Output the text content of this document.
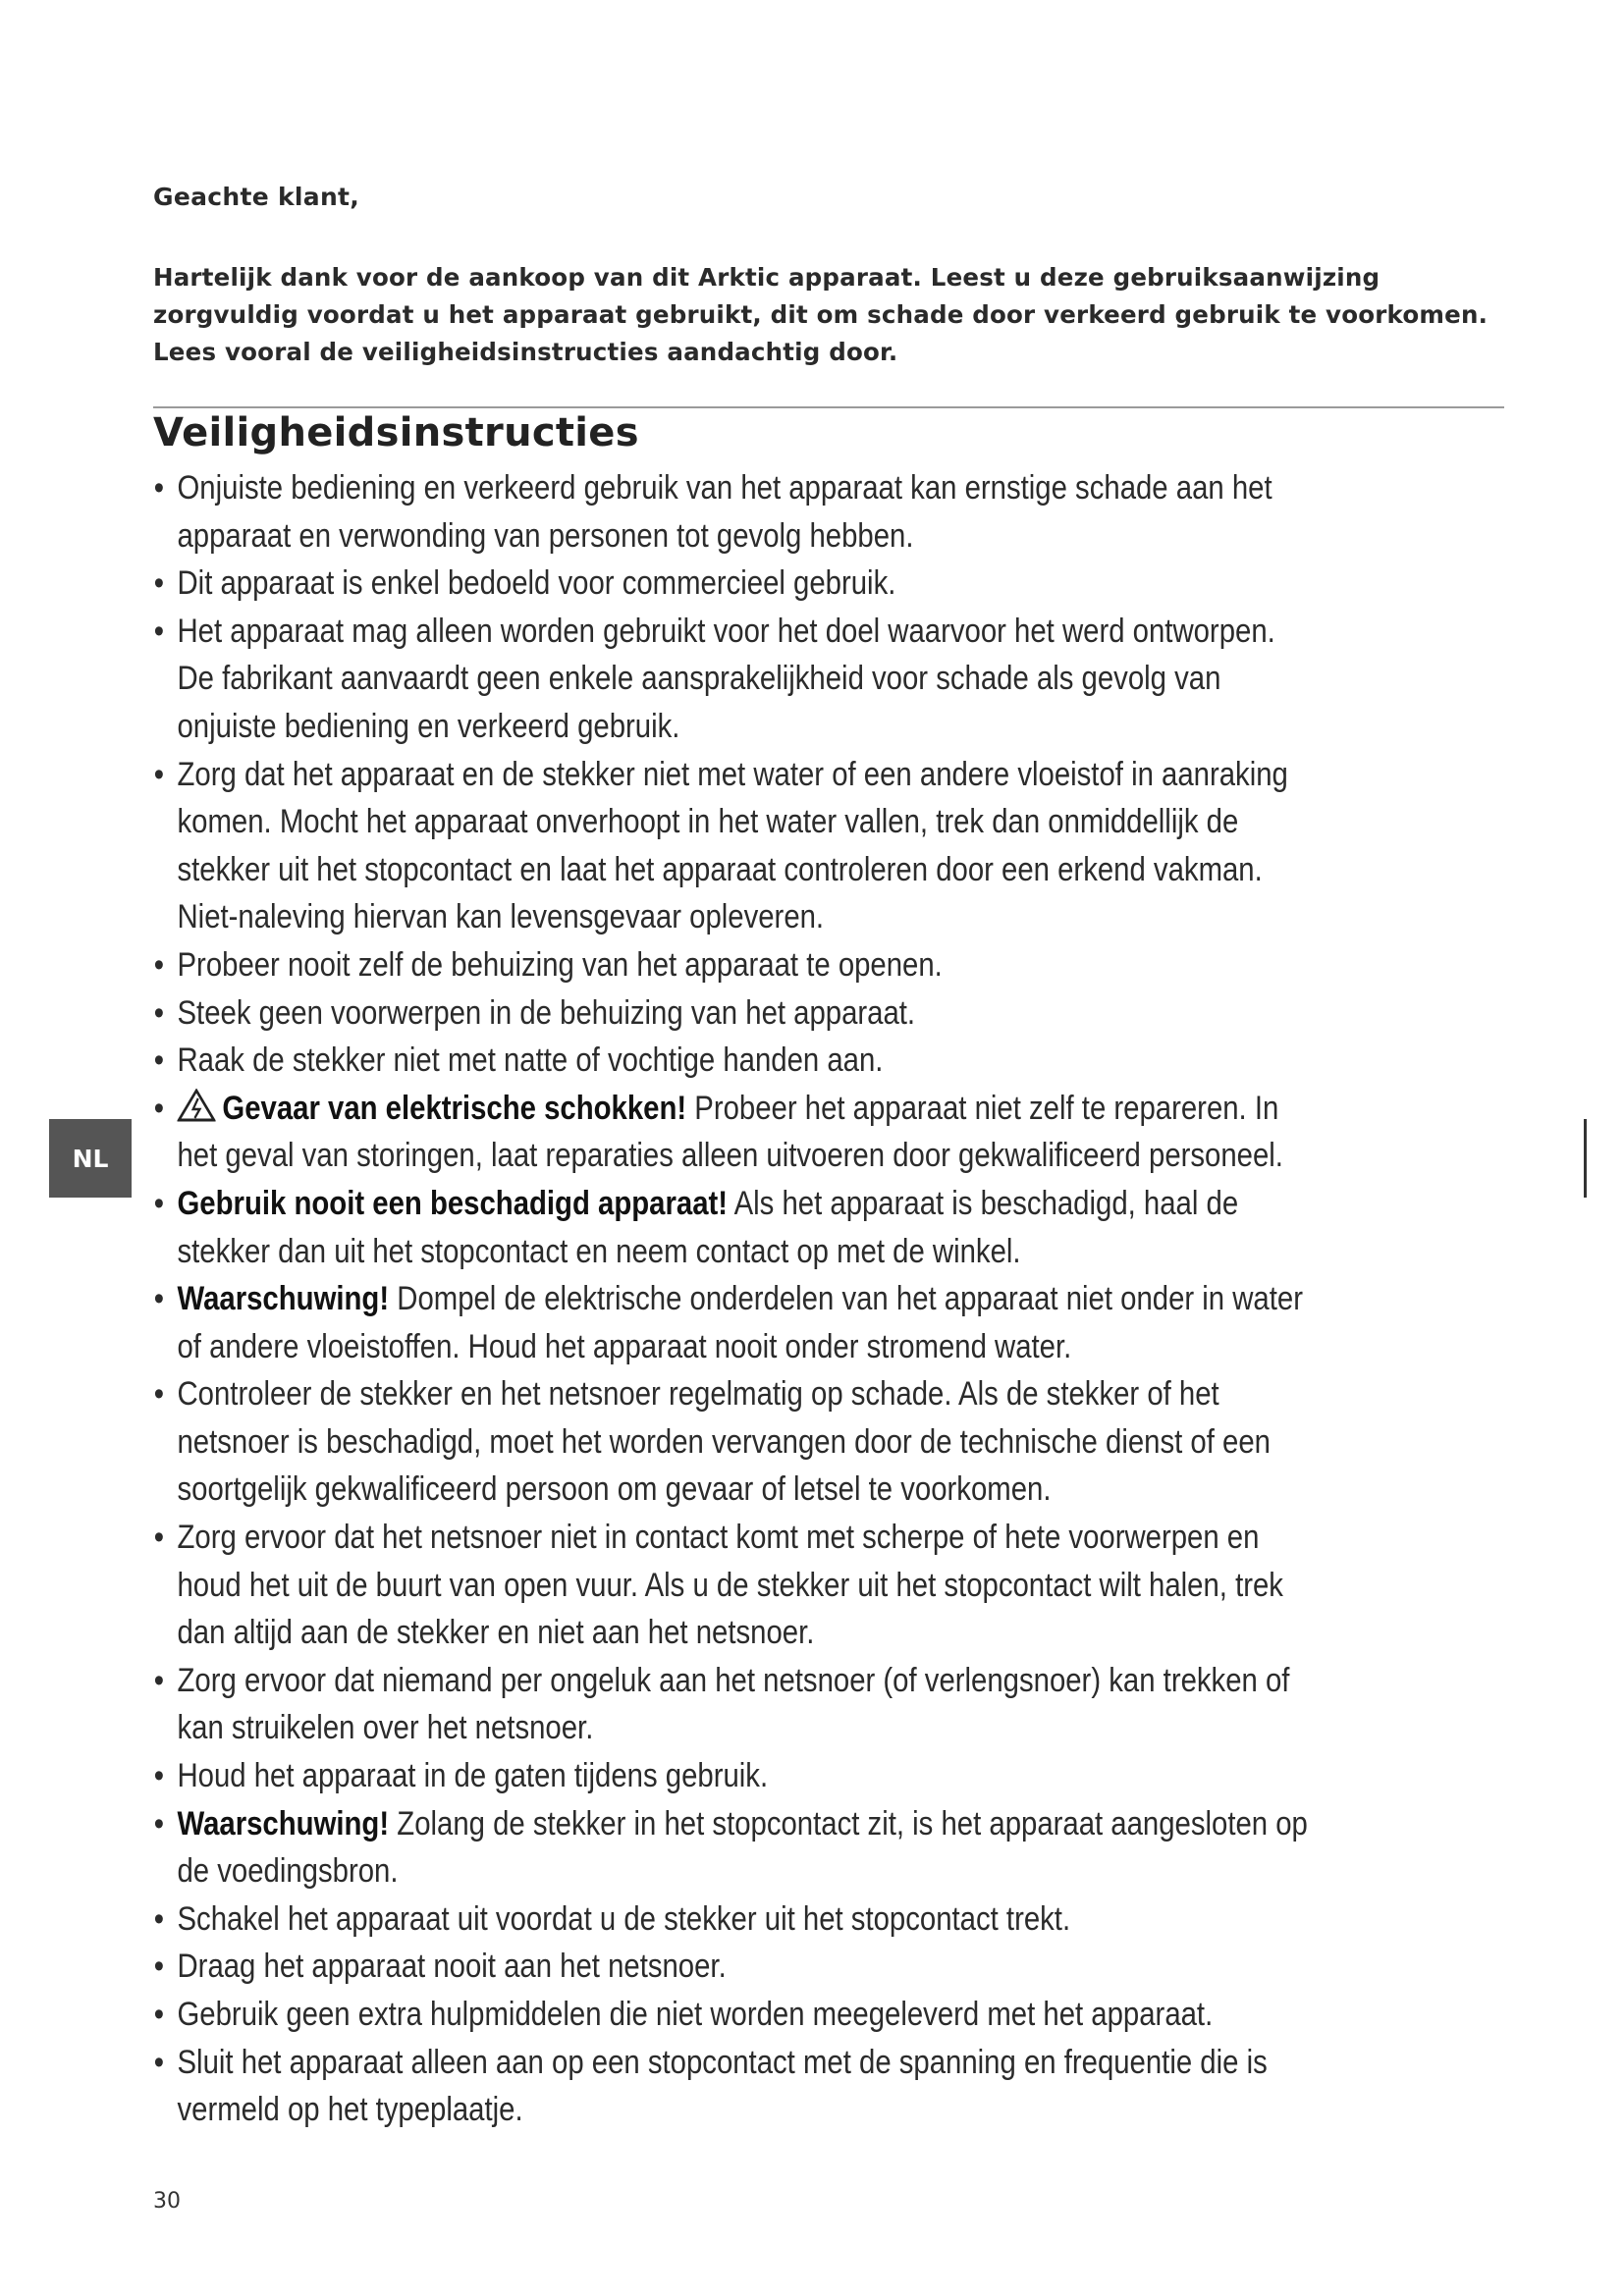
Geachte klant,
Hartelijk dank voor de aankoop van dit Arktic apparaat. Leest u deze gebruiksaanwijzing zorgvuldig voordat u het apparaat gebruikt, dit om schade door verkeerd gebruik te voorkomen. Lees vooral de veiligheidsinstructies aandachtig door.
Veiligheidsinstructies
• Onjuiste bediening en verkeerd gebruik van het apparaat kan ernstige schade aan het apparaat en verwonding van personen tot gevolg hebben.
• Dit apparaat is enkel bedoeld voor commercieel gebruik.
• Het apparaat mag alleen worden gebruikt voor het doel waarvoor het werd ontworpen. De fabrikant aanvaardt geen enkele aansprakelijkheid voor schade als gevolg van onjuiste bediening en verkeerd gebruik.
• Zorg dat het apparaat en de stekker niet met water of een andere vloeistof in aanraking komen. Mocht het apparaat onverhoopt in het water vallen, trek dan onmiddellijk de stekker uit het stopcontact en laat het apparaat controleren door een erkend vakman. Niet-naleving hiervan kan levensgevaar opleveren.
• Probeer nooit zelf de behuizing van het apparaat te openen.
• Steek geen voorwerpen in de behuizing van het apparaat.
• Raak de stekker niet met natte of vochtige handen aan.
• Gevaar van elektrische schokken! Probeer het apparaat niet zelf te repareren. In het geval van storingen, laat reparaties alleen uitvoeren door gekwalificeerd personeel.
• Gebruik nooit een beschadigd apparaat! Als het apparaat is beschadigd, haal de stekker dan uit het stopcontact en neem contact op met de winkel.
• Waarschuwing! Dompel de elektrische onderdelen van het apparaat niet onder in water of andere vloeistoffen. Houd het apparaat nooit onder stromend water.
• Controleer de stekker en het netsnoer regelmatig op schade. Als de stekker of het netsnoer is beschadigd, moet het worden vervangen door de technische dienst of een soortgelijk gekwalificeerd persoon om gevaar of letsel te voorkomen.
• Zorg ervoor dat het netsnoer niet in contact komt met scherpe of hete voorwerpen en houd het uit de buurt van open vuur. Als u de stekker uit het stopcontact wilt halen, trek dan altijd aan de stekker en niet aan het netsnoer.
• Zorg ervoor dat niemand per ongeluk aan het netsnoer (of verlengsnoer) kan trekken of kan struikelen over het netsnoer.
• Houd het apparaat in de gaten tijdens gebruik.
• Waarschuwing! Zolang de stekker in het stopcontact zit, is het apparaat aangesloten op de voedingsbron.
• Schakel het apparaat uit voordat u de stekker uit het stopcontact trekt.
• Draag het apparaat nooit aan het netsnoer.
• Gebruik geen extra hulpmiddelen die niet worden meegeleverd met het apparaat.
• Sluit het apparaat alleen aan op een stopcontact met de spanning en frequentie die is vermeld op het typeplaatje.
NL
30
